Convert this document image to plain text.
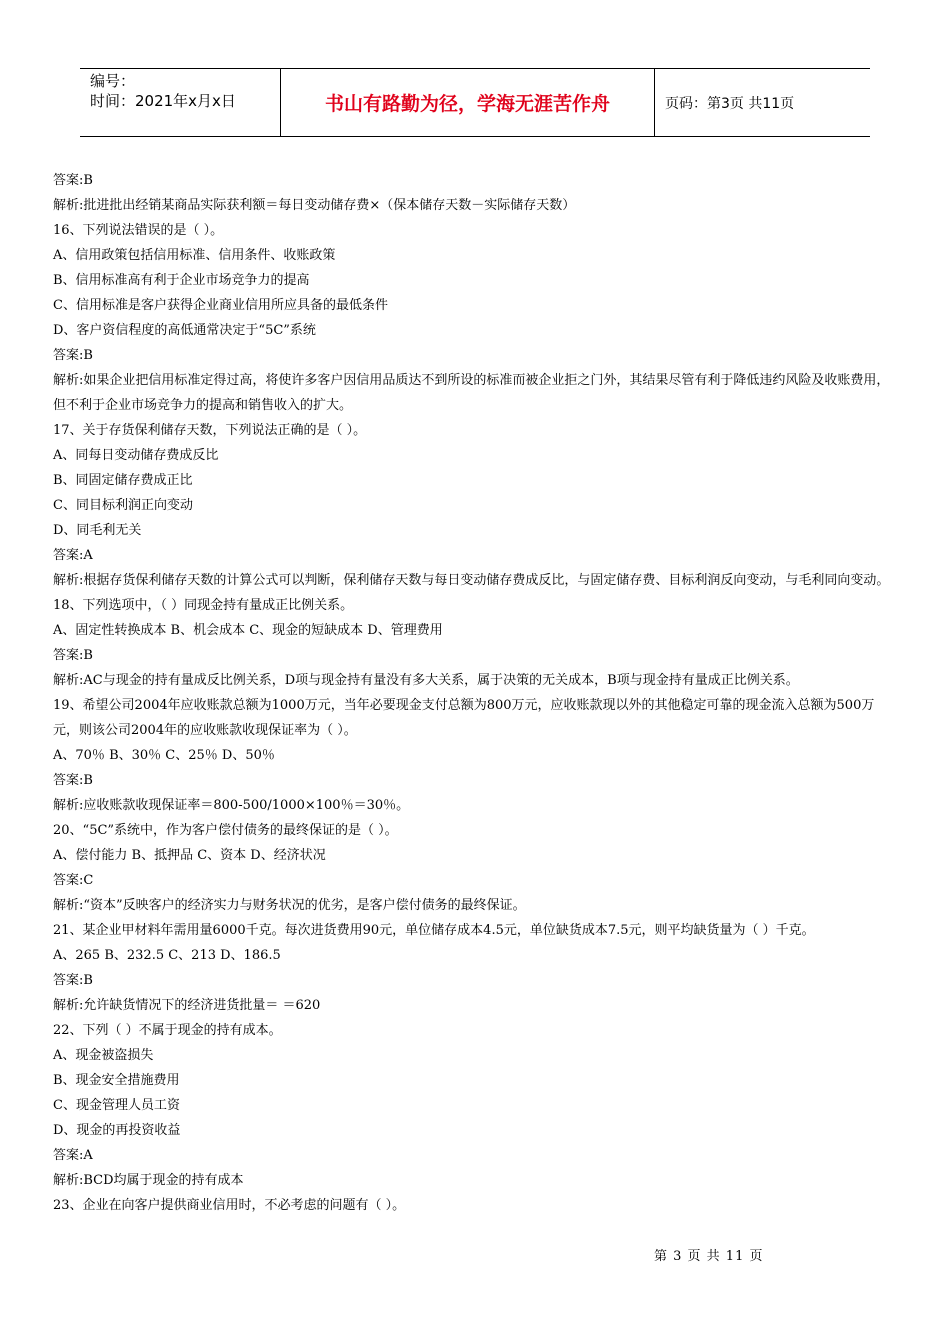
编号：
时间：2021年x月x日	书山有路勤为径，学海无涯苦作舟	页码：第3页 共11页
答案:B
解析:批进批出经销某商品实际获利额＝每日变动储存费×（保本储存天数－实际储存天数）
16、下列说法错误的是（ ）。
A、信用政策包括信用标准、信用条件、收账政策
B、信用标准高有利于企业市场竞争力的提高
C、信用标准是客户获得企业商业信用所应具备的最低条件
D、客户资信程度的高低通常决定于“5C”系统
答案:B
解析:如果企业把信用标准定得过高，将使许多客户因信用品质达不到所设的标准而被企业拒之门外，其结果尽管有利于降低违约风险及收账费用，但不利于企业市场竞争力的提高和销售收入的扩大。
17、关于存货保利储存天数，下列说法正确的是（ ）。
A、同每日变动储存费成反比
B、同固定储存费成正比
C、同目标利润正向变动
D、同毛利无关
答案:A
解析:根据存货保利储存天数的计算公式可以判断，保利储存天数与每日变动储存费成反比，与固定储存费、目标利润反向变动，与毛利同向变动。
18、下列选项中，（ ）同现金持有量成正比例关系。
A、固定性转换成本 B、机会成本 C、现金的短缺成本 D、管理费用
答案:B
解析:AC与现金的持有量成反比例关系，D项与现金持有量没有多大关系，属于决策的无关成本，B项与现金持有量成正比例关系。
19、希望公司2004年应收账款总额为1000万元，当年必要现金支付总额为800万元，应收账款现以外的其他稳定可靠的现金流入总额为500万元，则该公司2004年的应收账款收现保证率为（ ）。
A、70％ B、30％ C、25％ D、50％
答案:B
解析:应收账款收现保证率＝800-500/1000×100％＝30％。
20、“5C”系统中，作为客户偿付债务的最终保证的是（ ）。
A、偿付能力 B、抵押品 C、资本 D、经济状况
答案:C
解析:“资本”反映客户的经济实力与财务状况的优劣，是客户偿付债务的最终保证。
21、某企业甲材料年需用量6000千克。每次进货费用90元，单位储存成本4.5元，单位缺货成本7.5元，则平均缺货量为（ ）千克。
A、265 B、232.5 C、213 D、186.5
答案:B
解析:允许缺货情况下的经济进货批量＝ ＝620
22、下列（ ）不属于现金的持有成本。
A、现金被盗损失
B、现金安全措施费用
C、现金管理人员工资
D、现金的再投资收益
答案:A
解析:BCD均属于现金的持有成本
23、企业在向客户提供商业信用时，不必考虑的问题有（ ）。
第 3 页 共 11 页
